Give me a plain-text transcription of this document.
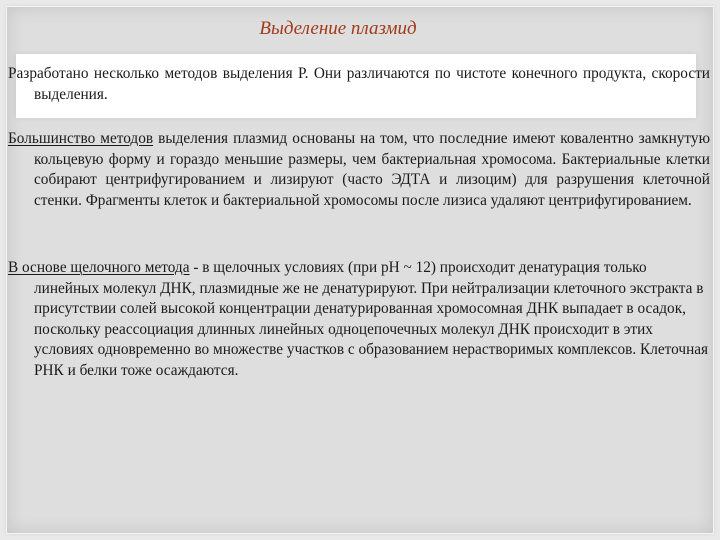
Выделение плазмид
Разработано несколько методов выделения Р. Они различаются по чистоте конечного продукта, скорости выделения.
Большинство методов выделения плазмид основаны на том, что последние имеют ковалентно замкнутую кольцевую форму и гораздо меньшие размеры, чем бактериальная хромосома. Бактериальные клетки собирают центрифугированием и лизируют (часто ЭДТА и лизоцим) для разрушения клеточной стенки. Фрагменты клеток и бактериальной хромосомы после лизиса удаляют центрифугированием.
В основе щелочного метода - в щелочных условиях (при pH ~ 12) происходит денатурация только линейных молекул ДНК, плазмидные же не денатурируют. При нейтрализации клеточного экстракта в присутствии солей высокой концентрации денатурированная хромосомная ДНК выпадает в осадок, поскольку реассоциация длинных линейных одноцепочечных молекул ДНК происходит в этих условиях одновременно во множестве участков с образованием нерастворимых комплексов. Клеточная РНК и белки тоже осаждаются.
